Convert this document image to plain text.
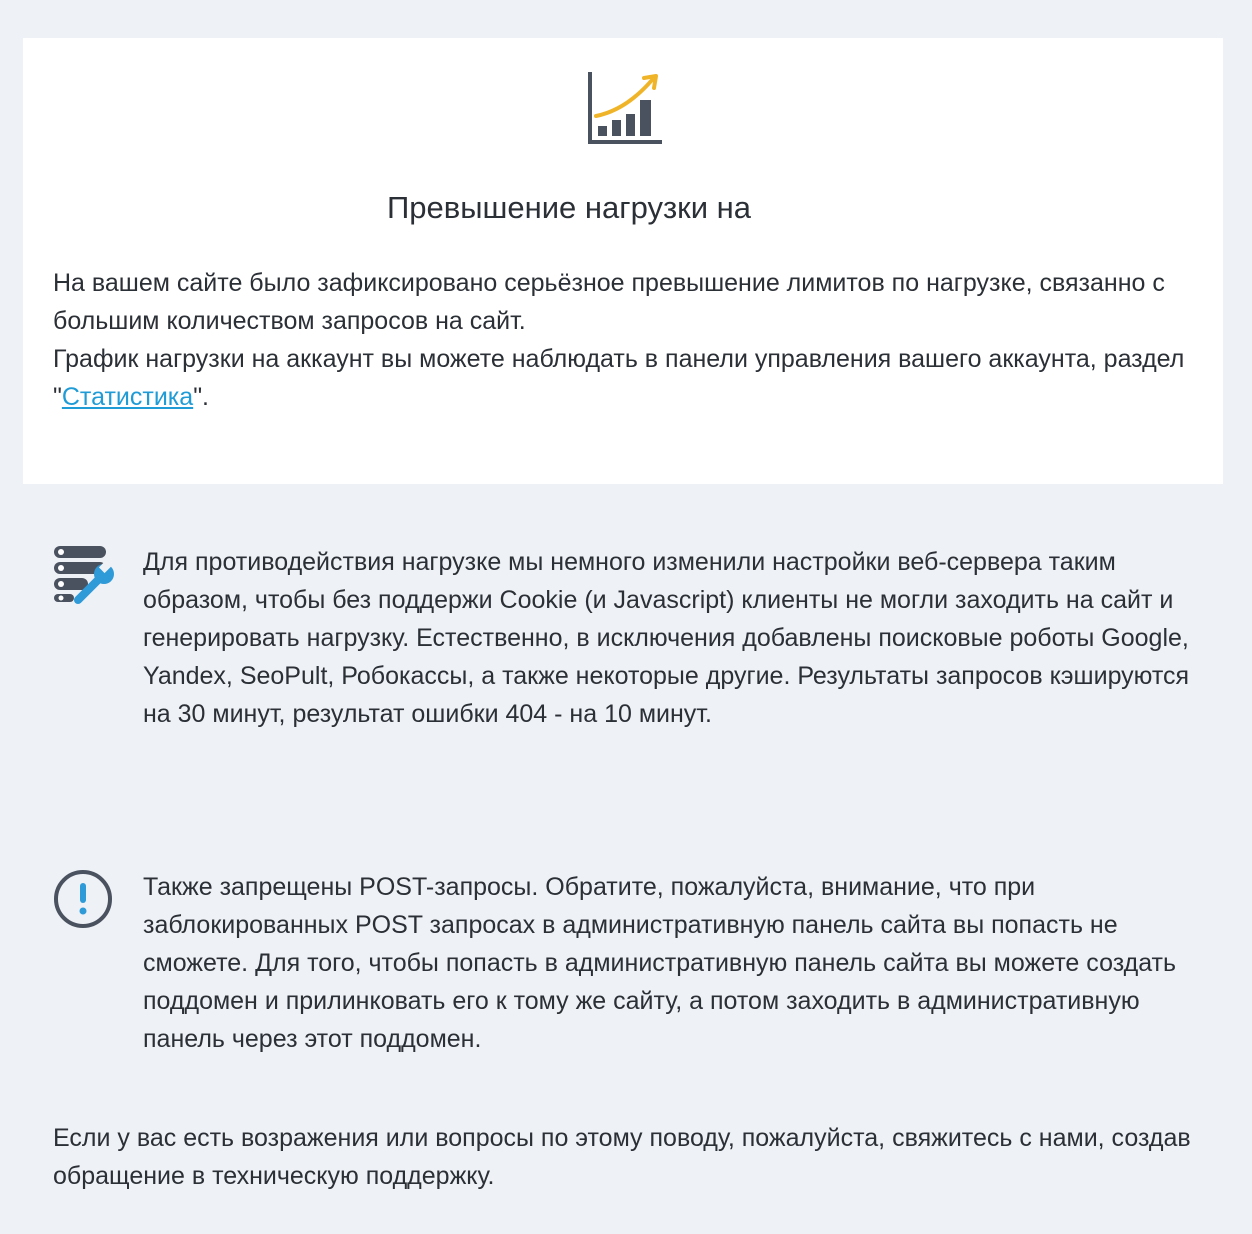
Превышение нагрузки на

На вашем сайте было зафиксировано серьёзное превышение лимитов по нагрузке, связанно с большим количеством запросов на сайт.

График нагрузки на аккаунт вы можете наблюдать в панели управления вашего аккаунта, раздел "Статистика".

Для противодействия нагрузке мы немного изменили настройки веб-сервера таким образом, чтобы без поддержи Cookie (и Javascript) клиенты не могли заходить на сайт и генерировать нагрузку. Естественно, в исключения добавлены поисковые роботы Google, Yandex, SeoPult, Робокассы, а также некоторые другие. Результаты запросов кэшируются на 30 минут, результат ошибки 404 - на 10 минут.

Также запрещены POST-запросы. Обратите, пожалуйста, внимание, что при заблокированных POST запросах в административную панель сайта вы попасть не сможете. Для того, чтобы попасть в административную панель сайта вы можете создать поддомен и прилинковать его к тому же сайту, а потом заходить в административную панель через этот поддомен.

Если у вас есть возражения или вопросы по этому поводу, пожалуйста, свяжитесь с нами, создав обращение в техническую поддержку.
